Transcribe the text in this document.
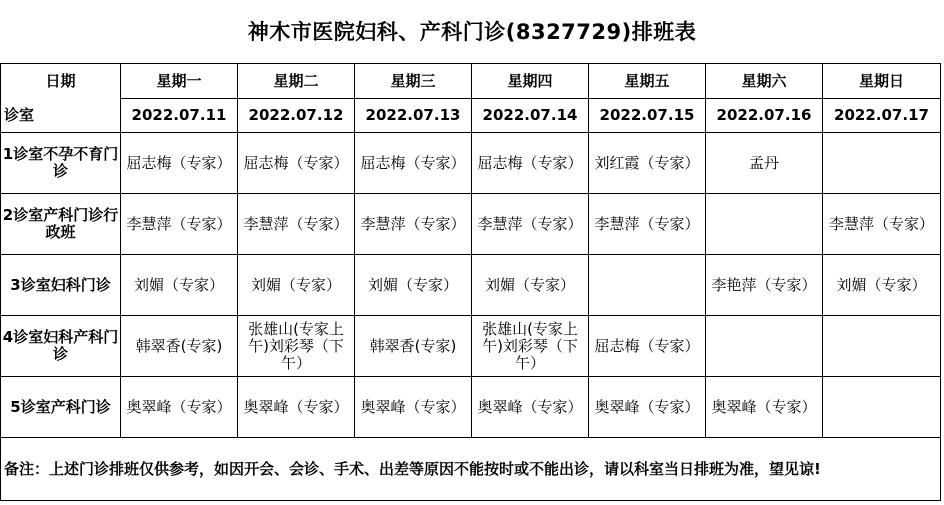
神木市医院妇科、产科门诊(8327729)排班表
日期	星期一	星期二	星期三	星期四	星期五	星期六	星期日
诊室	2022.07.11	2022.07.12	2022.07.13	2022.07.14	2022.07.15	2022.07.16	2022.07.17
1诊室不孕不育门诊	屈志梅（专家）	屈志梅（专家）	屈志梅（专家）	屈志梅（专家）	刘红霞（专家）	孟丹	
2诊室产科门诊行政班	李慧萍（专家）	李慧萍（专家）	李慧萍（专家）	李慧萍（专家）	李慧萍（专家）		李慧萍（专家）
3诊室妇科门诊	刘媚（专家）	刘媚（专家）	刘媚（专家）	刘媚（专家）		李艳萍（专家）	刘媚（专家）
4诊室妇科产科门诊	韩翠香(专家)	张雄山(专家上午)刘彩琴（下午）	韩翠香(专家)	张雄山(专家上午)刘彩琴（下午）	屈志梅（专家）		
5诊室产科门诊	奥翠峰（专家）	奥翠峰（专家）	奥翠峰（专家）	奥翠峰（专家）	奥翠峰（专家）	奥翠峰（专家）	
备注：上述门诊排班仅供参考，如因开会、会诊、手术、出差等原因不能按时或不能出诊，请以科室当日排班为准，望见谅!							
